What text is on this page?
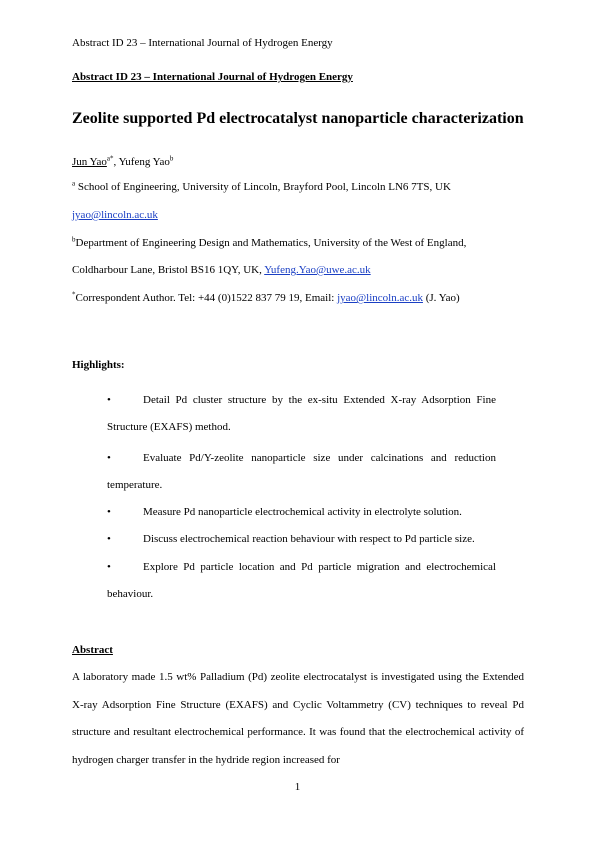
Abstract ID 23 – International Journal of Hydrogen Energy
Abstract ID 23 – International Journal of Hydrogen Energy
Zeolite supported Pd electrocatalyst nanoparticle characterization
Jun Yao$^{a*}$, Yufeng Yao$^b$
$^a$ School of Engineering, University of Lincoln, Brayford Pool, Lincoln LN6 7TS, UK
jyao@lincoln.ac.uk
$^b$Department of Engineering Design and Mathematics, University of the West of England,
Coldharbour Lane, Bristol BS16 1QY, UK, Yufeng.Yao@uwe.ac.uk
*Correspondent Author. Tel: +44 (0)1522 837 79 19, Email: jyao@lincoln.ac.uk (J. Yao)
Highlights:
•	Detail Pd cluster structure by the ex-situ Extended X-ray Adsorption Fine Structure (EXAFS) method.
•	Evaluate Pd/Y-zeolite nanoparticle size under calcinations and reduction temperature.
•	Measure Pd nanoparticle electrochemical activity in electrolyte solution.
•	Discuss electrochemical reaction behaviour with respect to Pd particle size.
•	Explore Pd particle location and Pd particle migration and electrochemical behaviour.
Abstract
A laboratory made 1.5 wt% Palladium (Pd) zeolite electrocatalyst is investigated using the Extended X-ray Adsorption Fine Structure (EXAFS) and Cyclic Voltammetry (CV) techniques to reveal Pd structure and resultant electrochemical performance. It was found that the electrochemical activity of hydrogen charger transfer in the hydride region increased for
1
